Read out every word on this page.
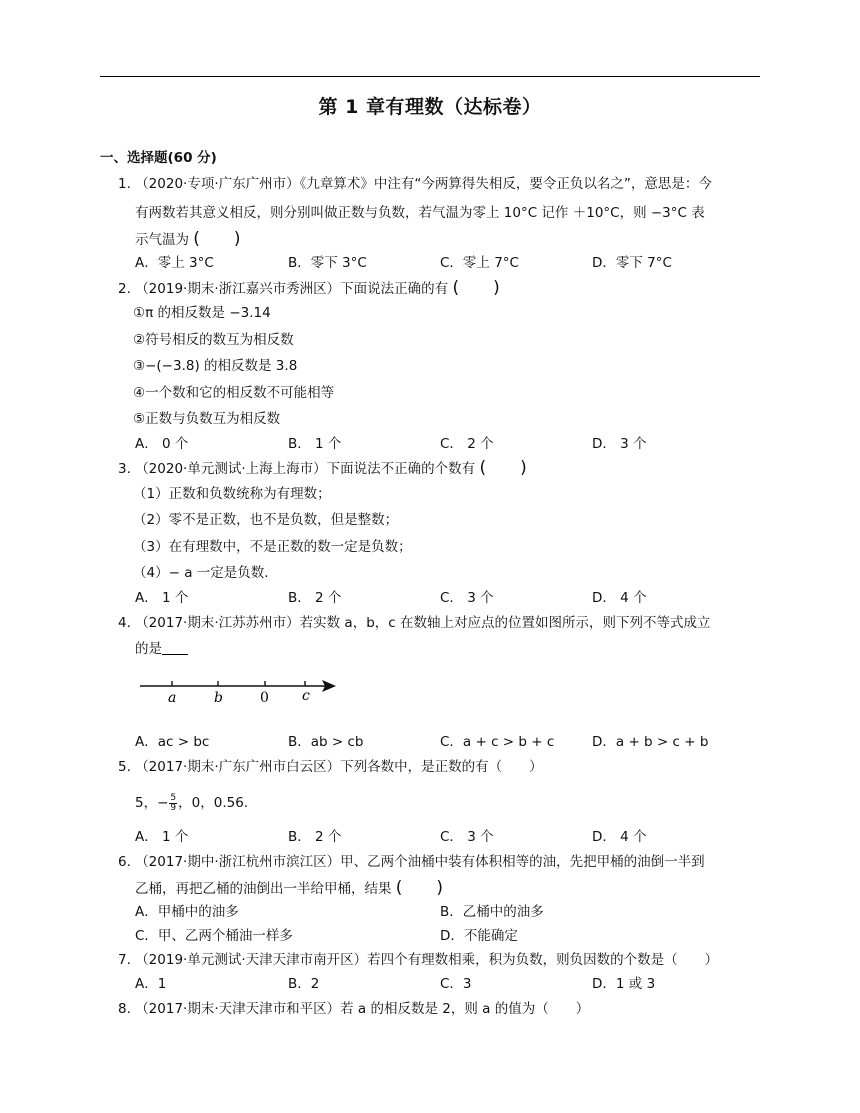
第 1 章有理数（达标卷）
一、选择题(60 分)
1. （2020·专项·广东广州市）《九章算术》中注有“今两算得失相反，要令正负以名之”，意思是：今
有两数若其意义相反，则分别叫做正数与负数，若气温为零上 10°C 记作 ＋10°C，则 −3°C 表
示气温为 (　　)
A．零上 3°C	B．零下 3°C	C．零上 7°C	D．零下 7°C
2. （2019·期末·浙江嘉兴市秀洲区）下面说法正确的有 (　　)
①π 的相反数是 −3.14
②符号相反的数互为相反数
③−(−3.8) 的相反数是 3.8
④一个数和它的相反数不可能相等
⑤正数与负数互为相反数
A． 0 个	B． 1 个	C． 2 个	D． 3 个
3. （2020·单元测试·上海上海市）下面说法不正确的个数有 (　　)
（1）正数和负数统称为有理数；
（2）零不是正数，也不是负数，但是整数；
（3）在有理数中，不是正数的数一定是负数；
（4）− a 一定是负数.
A． 1 个	B． 2 个	C． 3 个	D． 4 个
4. （2017·期末·江苏苏州市）若实数 a，b，c 在数轴上对应点的位置如图所示，则下列不等式成立
的是
a	b	0 c
A．ac > bc	B．ab > cb	C．a + c > b + c	D．a + b > c + b
5. （2017·期末·广东广州市白云区）下列各数中，是正数的有（　　）
5，− $\frac{5}{9}$ ，0，0.56.
A． 1 个	B． 2 个	C． 3 个	D． 4 个
6. （2017·期中·浙江杭州市滨江区）甲、乙两个油桶中装有体积相等的油，先把甲桶的油倒一半到
乙桶，再把乙桶的油倒出一半给甲桶，结果 (　　)
A．甲桶中的油多	B．乙桶中的油多
C．甲、乙两个桶油一样多	D．不能确定
7. （2019·单元测试·天津天津市南开区）若四个有理数相乘，积为负数，则负因数的个数是（　　）
A．1	B．2	C．3	D．1 或 3
8. （2017·期末·天津天津市和平区）若 a 的相反数是 2，则 a 的值为（　　）
